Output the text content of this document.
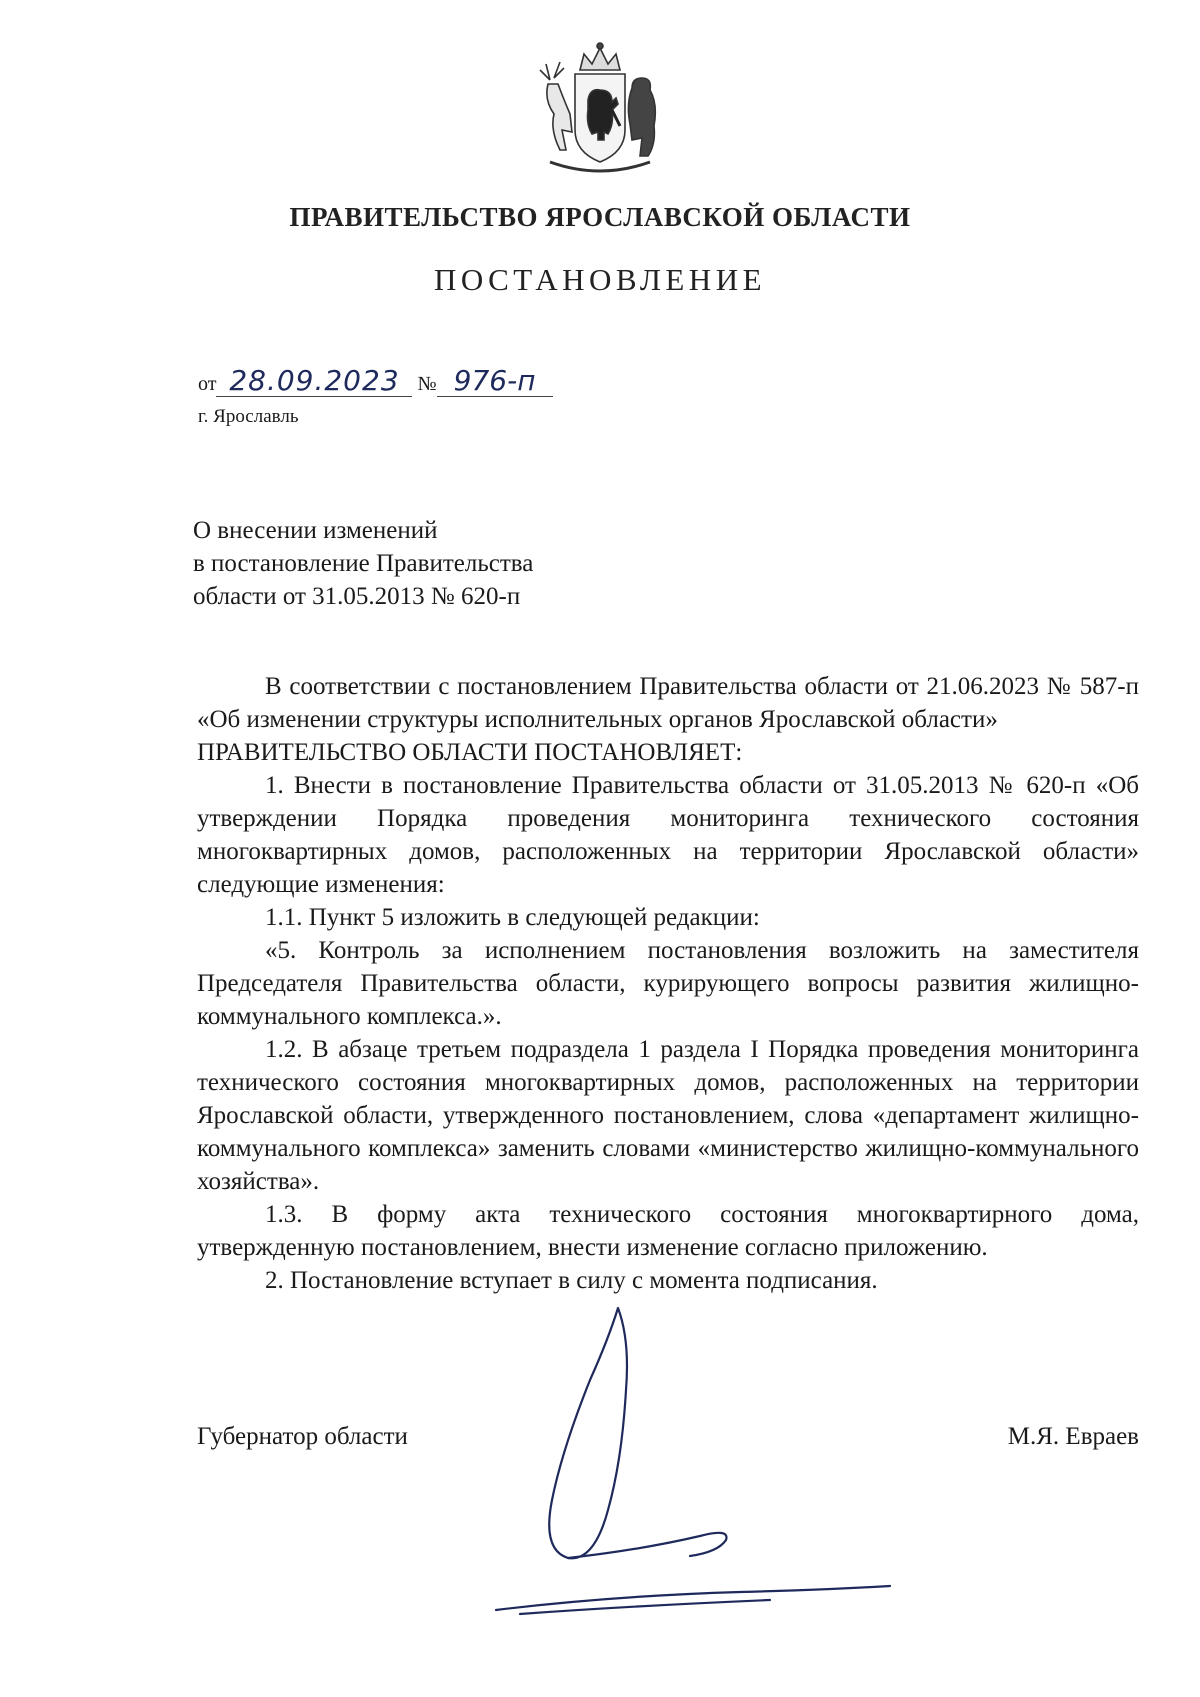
ПРАВИТЕЛЬСТВО ЯРОСЛАВСКОЙ ОБЛАСТИ
ПОСТАНОВЛЕНИЕ
от 28.09.2023 № 976-п
г. Ярославль
О внесении изменений
в постановление Правительства
области от 31.05.2013 № 620-п

В соответствии с постановлением Правительства области от 21.06.2023 № 587-п «Об изменении структуры исполнительных органов Ярославской области»

ПРАВИТЕЛЬСТВО ОБЛАСТИ ПОСТАНОВЛЯЕТ:

1. Внести в постановление Правительства области от 31.05.2013 № 620-п «Об утверждении Порядка проведения мониторинга технического состояния многоквартирных домов, расположенных на территории Ярославской области» следующие изменения:

1.1. Пункт 5 изложить в следующей редакции:

«5. Контроль за исполнением постановления возложить на заместителя Председателя Правительства области, курирующего вопросы развития жилищно-коммунального комплекса.».

1.2. В абзаце третьем подраздела 1 раздела I Порядка проведения мониторинга технического состояния многоквартирных домов, расположенных на территории Ярославской области, утвержденного постановлением, слова «департамент жилищно-коммунального комплекса» заменить словами «министерство жилищно-коммунального хозяйства».

1.3. В форму акта технического состояния многоквартирного дома, утвержденную постановлением, внести изменение согласно приложению.

2. Постановление вступает в силу с момента подписания.

Губернатор области	М.Я. Евраев
